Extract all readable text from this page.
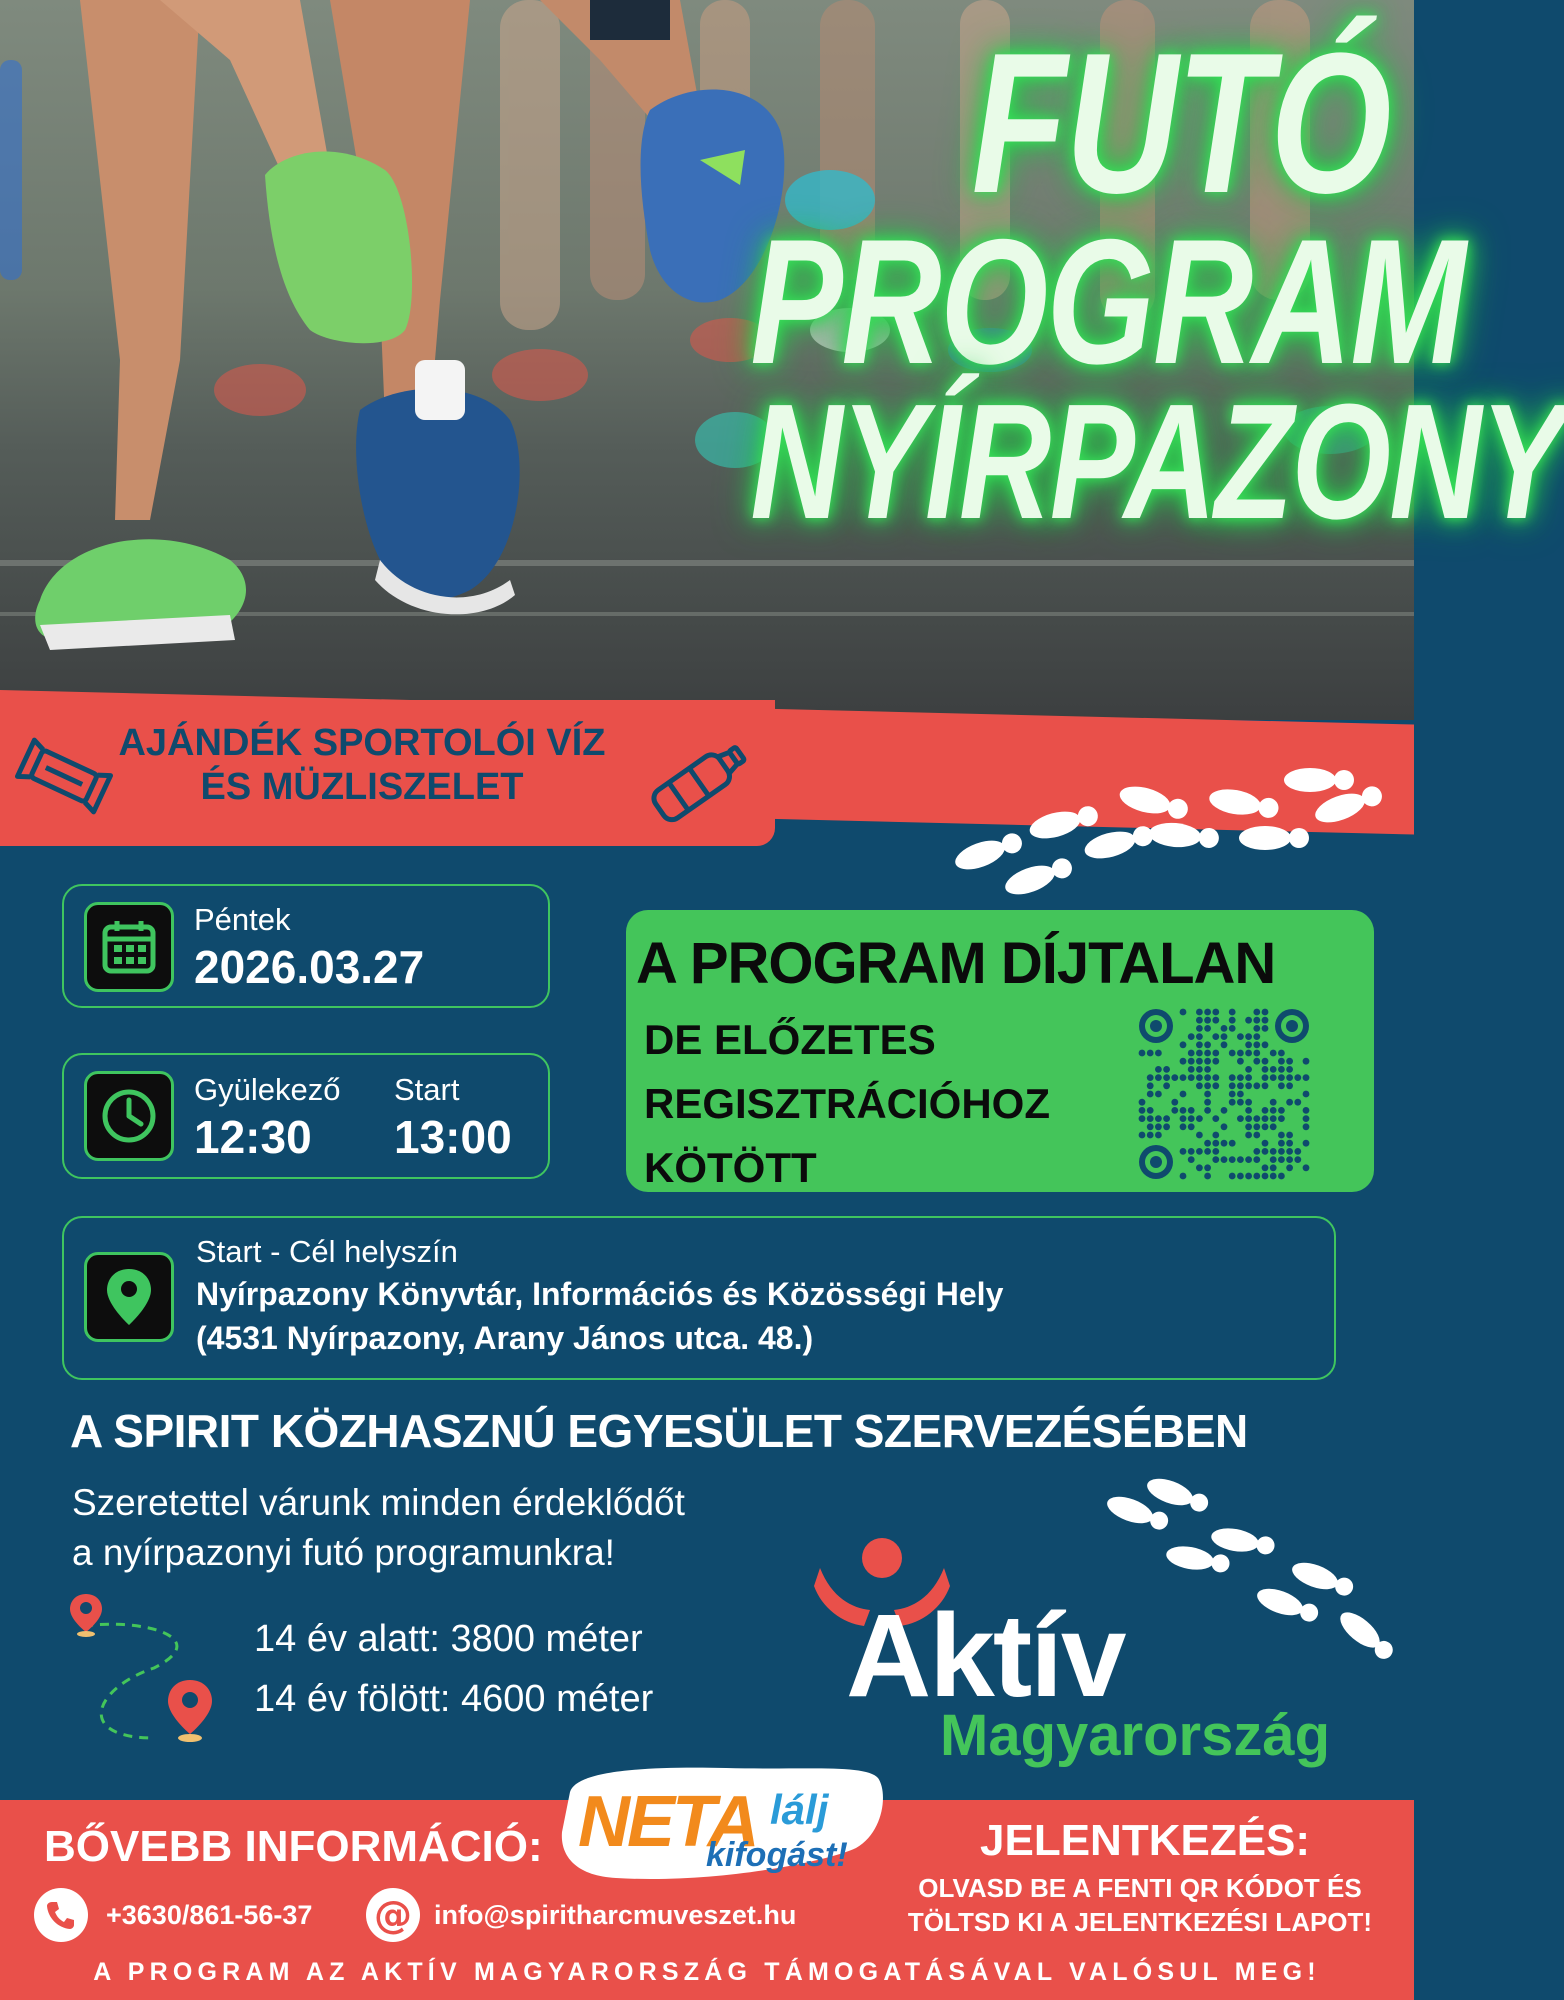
FUTÓ
PROGRAM
NYÍRPAZONY
AJÁNDÉK SPORTOLÓI VÍZ
ÉS MÜZLISZELET
Péntek
2026.03.27
Gyülekező
12:30
Start
13:00
Start - Cél helyszín
Nyírpazony Könyvtár, Információs és Közösségi Hely
(4531 Nyírpazony, Arany János utca. 48.)
A PROGRAM DÍJTALAN
DE ELŐZETES
REGISZTRÁCIÓHOZ
KÖTÖTT
A SPIRIT KÖZHASZNÚ EGYESÜLET SZERVEZÉSÉBEN
Szeretettel várunk minden érdeklődőt
a nyírpazonyi futó programunkra!
14 év alatt: 3800 méter
14 év fölött: 4600 méter Aktív
Magyarország
BŐVEBB INFORMÁCIÓ:
+3630/861-56-37 @ info@spiritharcmuveszet.hu
NETA lálj
kifogást!	JELENTKEZÉS:
OLVASD BE A FENTI QR KÓDOT ÉS
TÖLTSD KI A JELENTKEZÉSI LAPOT!
A PROGRAM AZ AKTÍV MAGYARORSZÁG TÁMOGATÁSÁVAL VALÓSUL MEG!
